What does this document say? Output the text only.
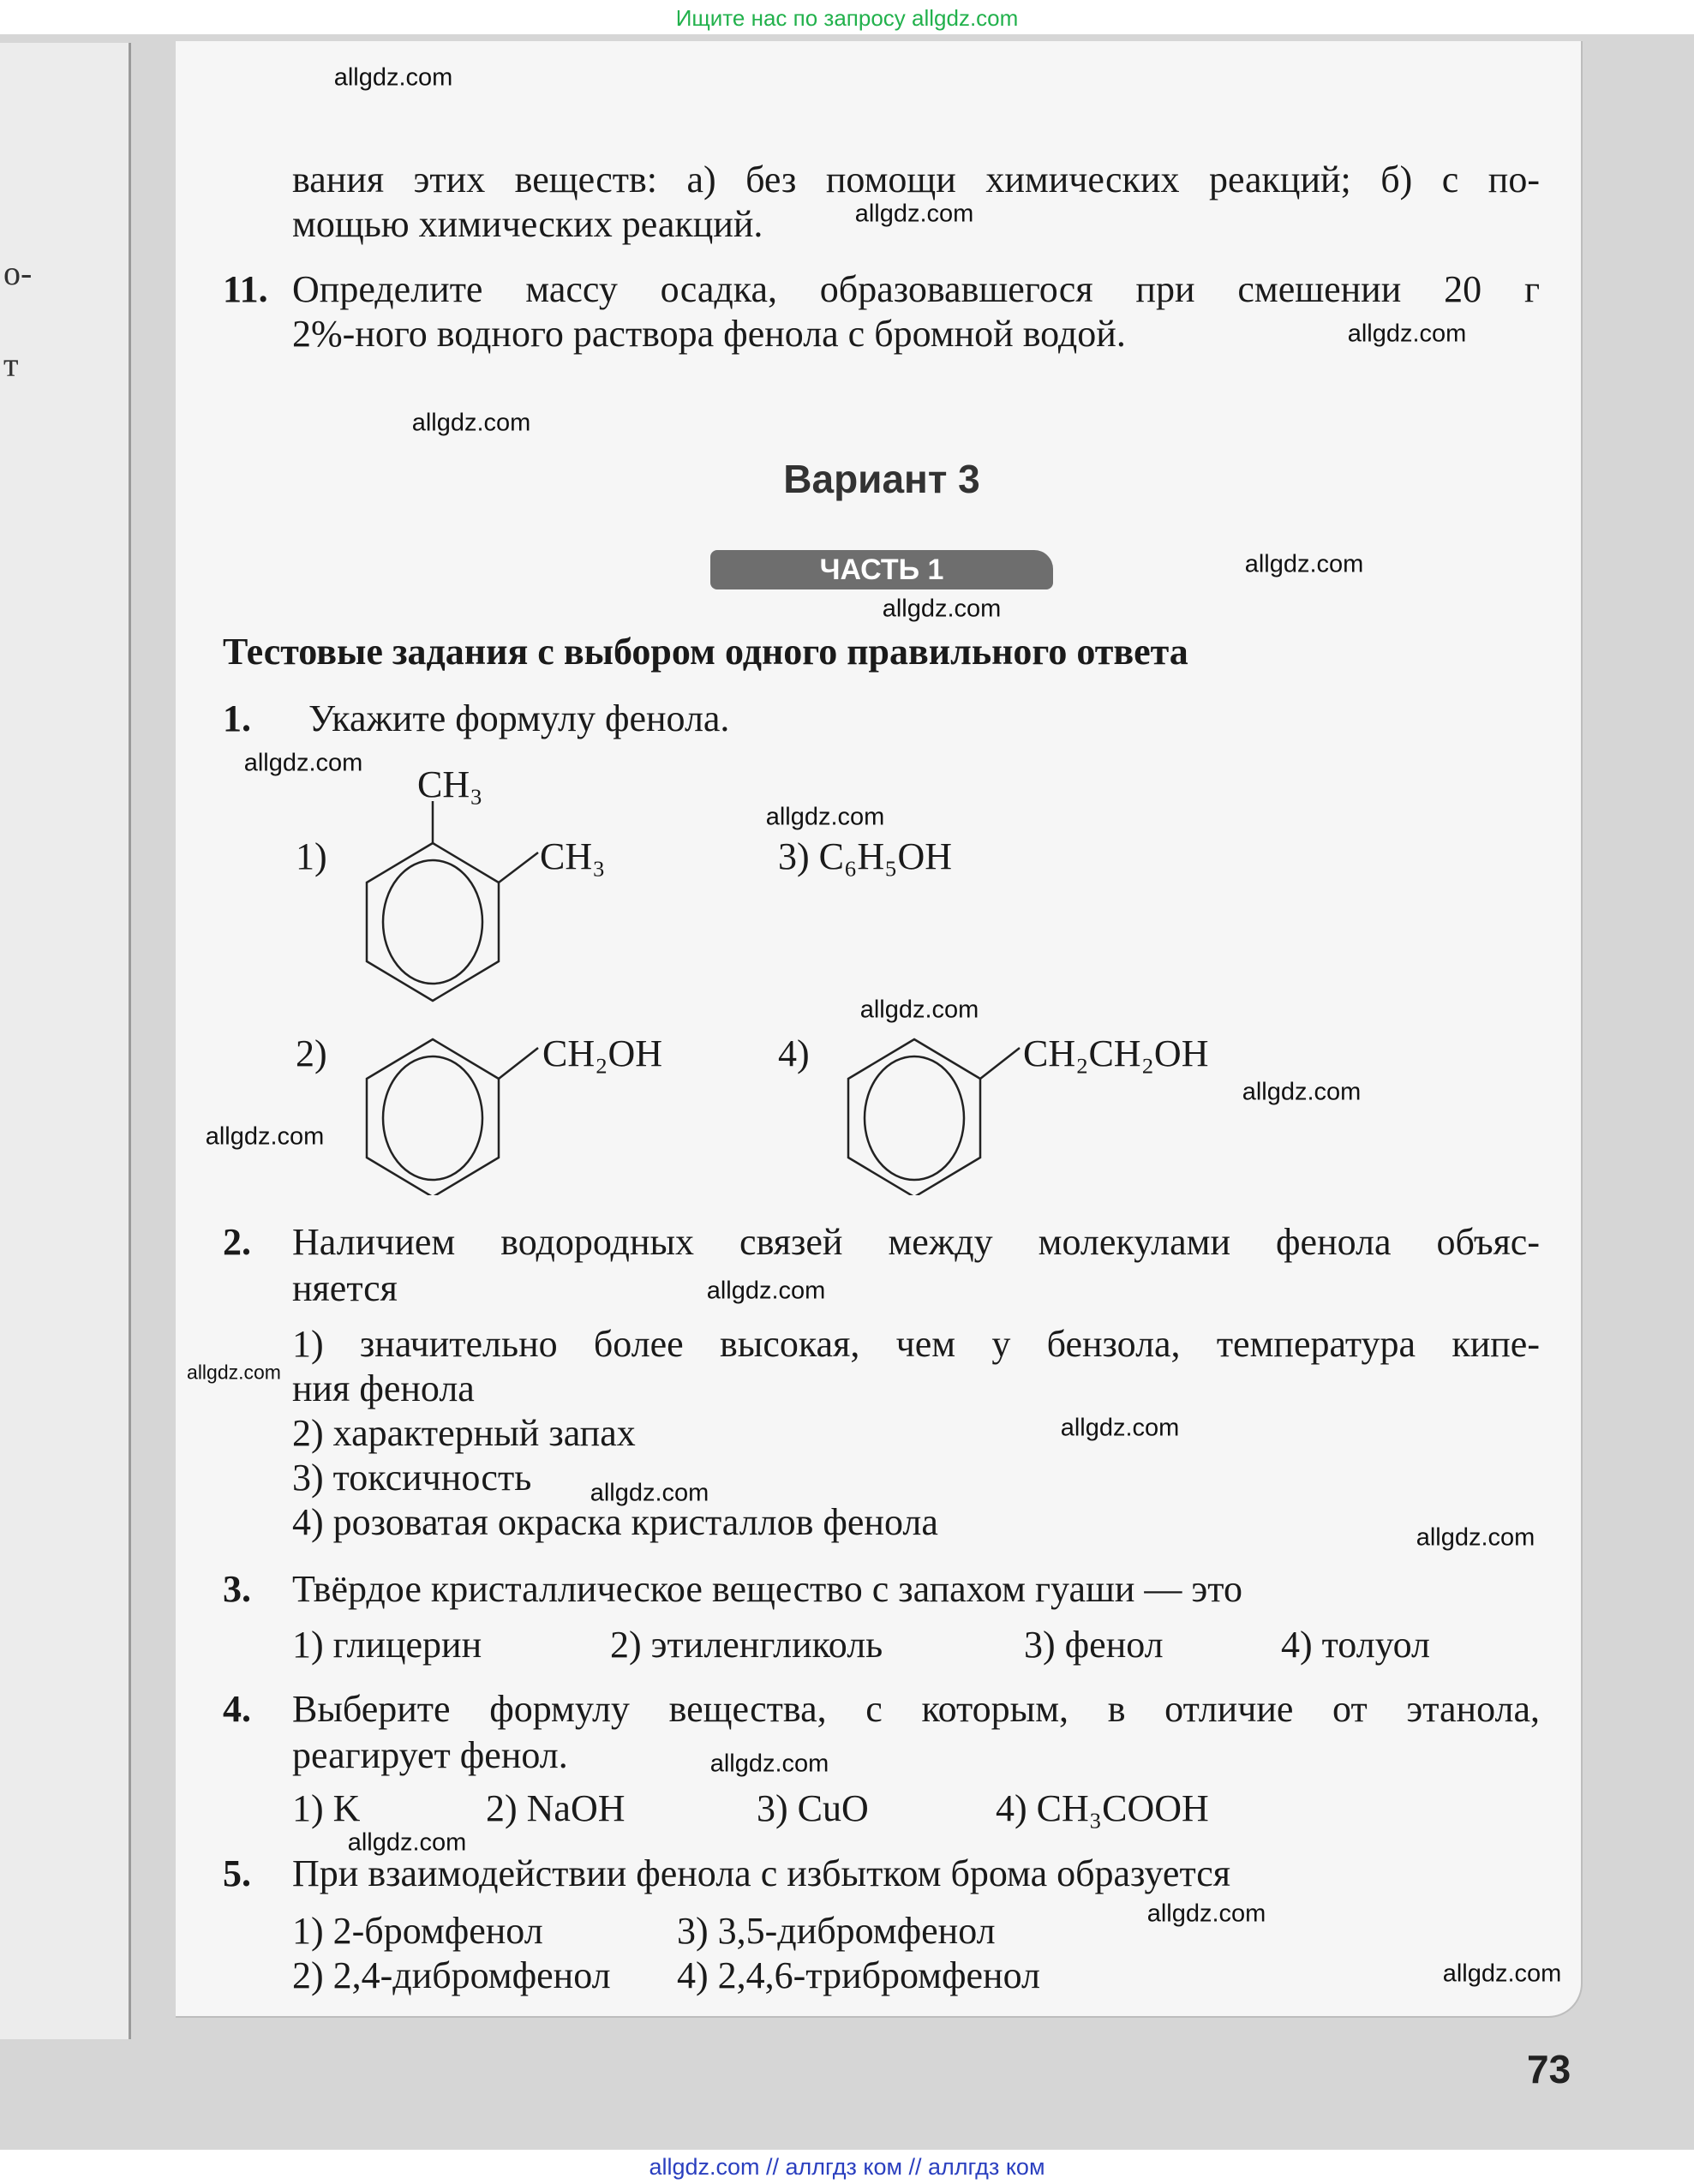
о-
т
Ищите нас по запросу allgdz.com
вания этих веществ: а) без помощи химических реакций; б) с по-
мощью химических реакций.
11. Определите массу осадка, образовавшегося при смешении 20 г
2%-ного водного раствора фенола с бромной водой.
Вариант 3
ЧАСТЬ 1
Тестовые задания с выбором одного правильного ответа
1. Укажите формулу фенола.
1)
CH₃
CH₃	3) C₆H₅OH
2)	CH₂OH	4)	CH₂CH₂OH
2. Наличием водородных связей между молекулами фенола объяс-
няется
1) значительно более высокая, чем у бензола, температура кипе-
ния фенола
2) характерный запах
3) токсичность
4) розоватая окраска кристаллов фенола
3. Твёрдое кристаллическое вещество с запахом гуаши — это
1) глицерин	2) этиленгликоль	3) фенол	4) толуол
4. Выберите формулу вещества, с которым, в отличие от этанола,
реагирует фенол.
1) K	2) NaOH	3) CuO	4) CH₃COOH
5. При взаимодействии фенола с избытком брома образуется
1) 2-бромфенол	3) 3,5-дибромфенол
2) 2,4-дибромфенол 4) 2,4,6-трибромфенол
73
allgdz.com
allgdz.com
allgdz.com
allgdz.com
allgdz.com
allgdz.com
allgdz.com
allgdz.com
allgdz.com
allgdz.com
allgdz.com
allgdz.com
allgdz.com
allgdz.com
allgdz.com
allgdz.com
allgdz.com
allgdz.com
allgdz.com
allgdz.com
allgdz.com // аллгдз ком // аллгдз ком
